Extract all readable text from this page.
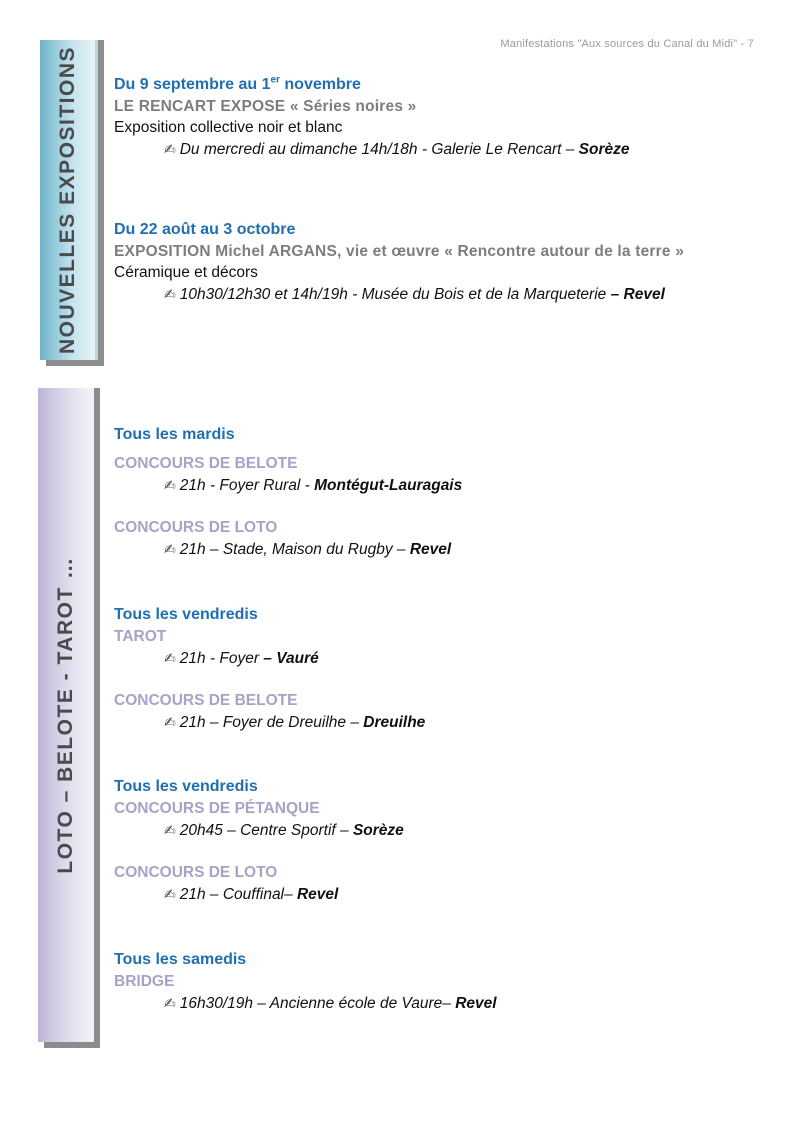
Manifestations "Aux sources du Canal du Midi" - 7
NOUVELLES EXPOSITIONS
LOTO – BELOTE - TAROT …
Du 9 septembre au 1er novembre
LE RENCART EXPOSE « Séries noires »
Exposition collective noir et blanc
✍ Du mercredi au dimanche 14h/18h - Galerie Le Rencart – Sorèze
Du 22 août au 3 octobre
EXPOSITION Michel ARGANS, vie et œuvre « Rencontre autour de la terre »
Céramique et décors
✍ 10h30/12h30 et 14h/19h - Musée du Bois et de la Marqueterie – Revel
Tous les mardis
CONCOURS DE BELOTE
✍ 21h - Foyer Rural - Montégut-Lauragais
CONCOURS DE LOTO
✍ 21h – Stade, Maison du Rugby – Revel
Tous les vendredis
TAROT
✍ 21h - Foyer – Vauré
CONCOURS DE BELOTE
✍ 21h – Foyer de Dreuilhe – Dreuilhe
Tous les vendredis
CONCOURS DE PÉTANQUE
✍ 20h45 – Centre Sportif – Sorèze
CONCOURS DE LOTO
✍ 21h – Couffinal– Revel
Tous les samedis
BRIDGE
✍ 16h30/19h – Ancienne école de Vaure– Revel
